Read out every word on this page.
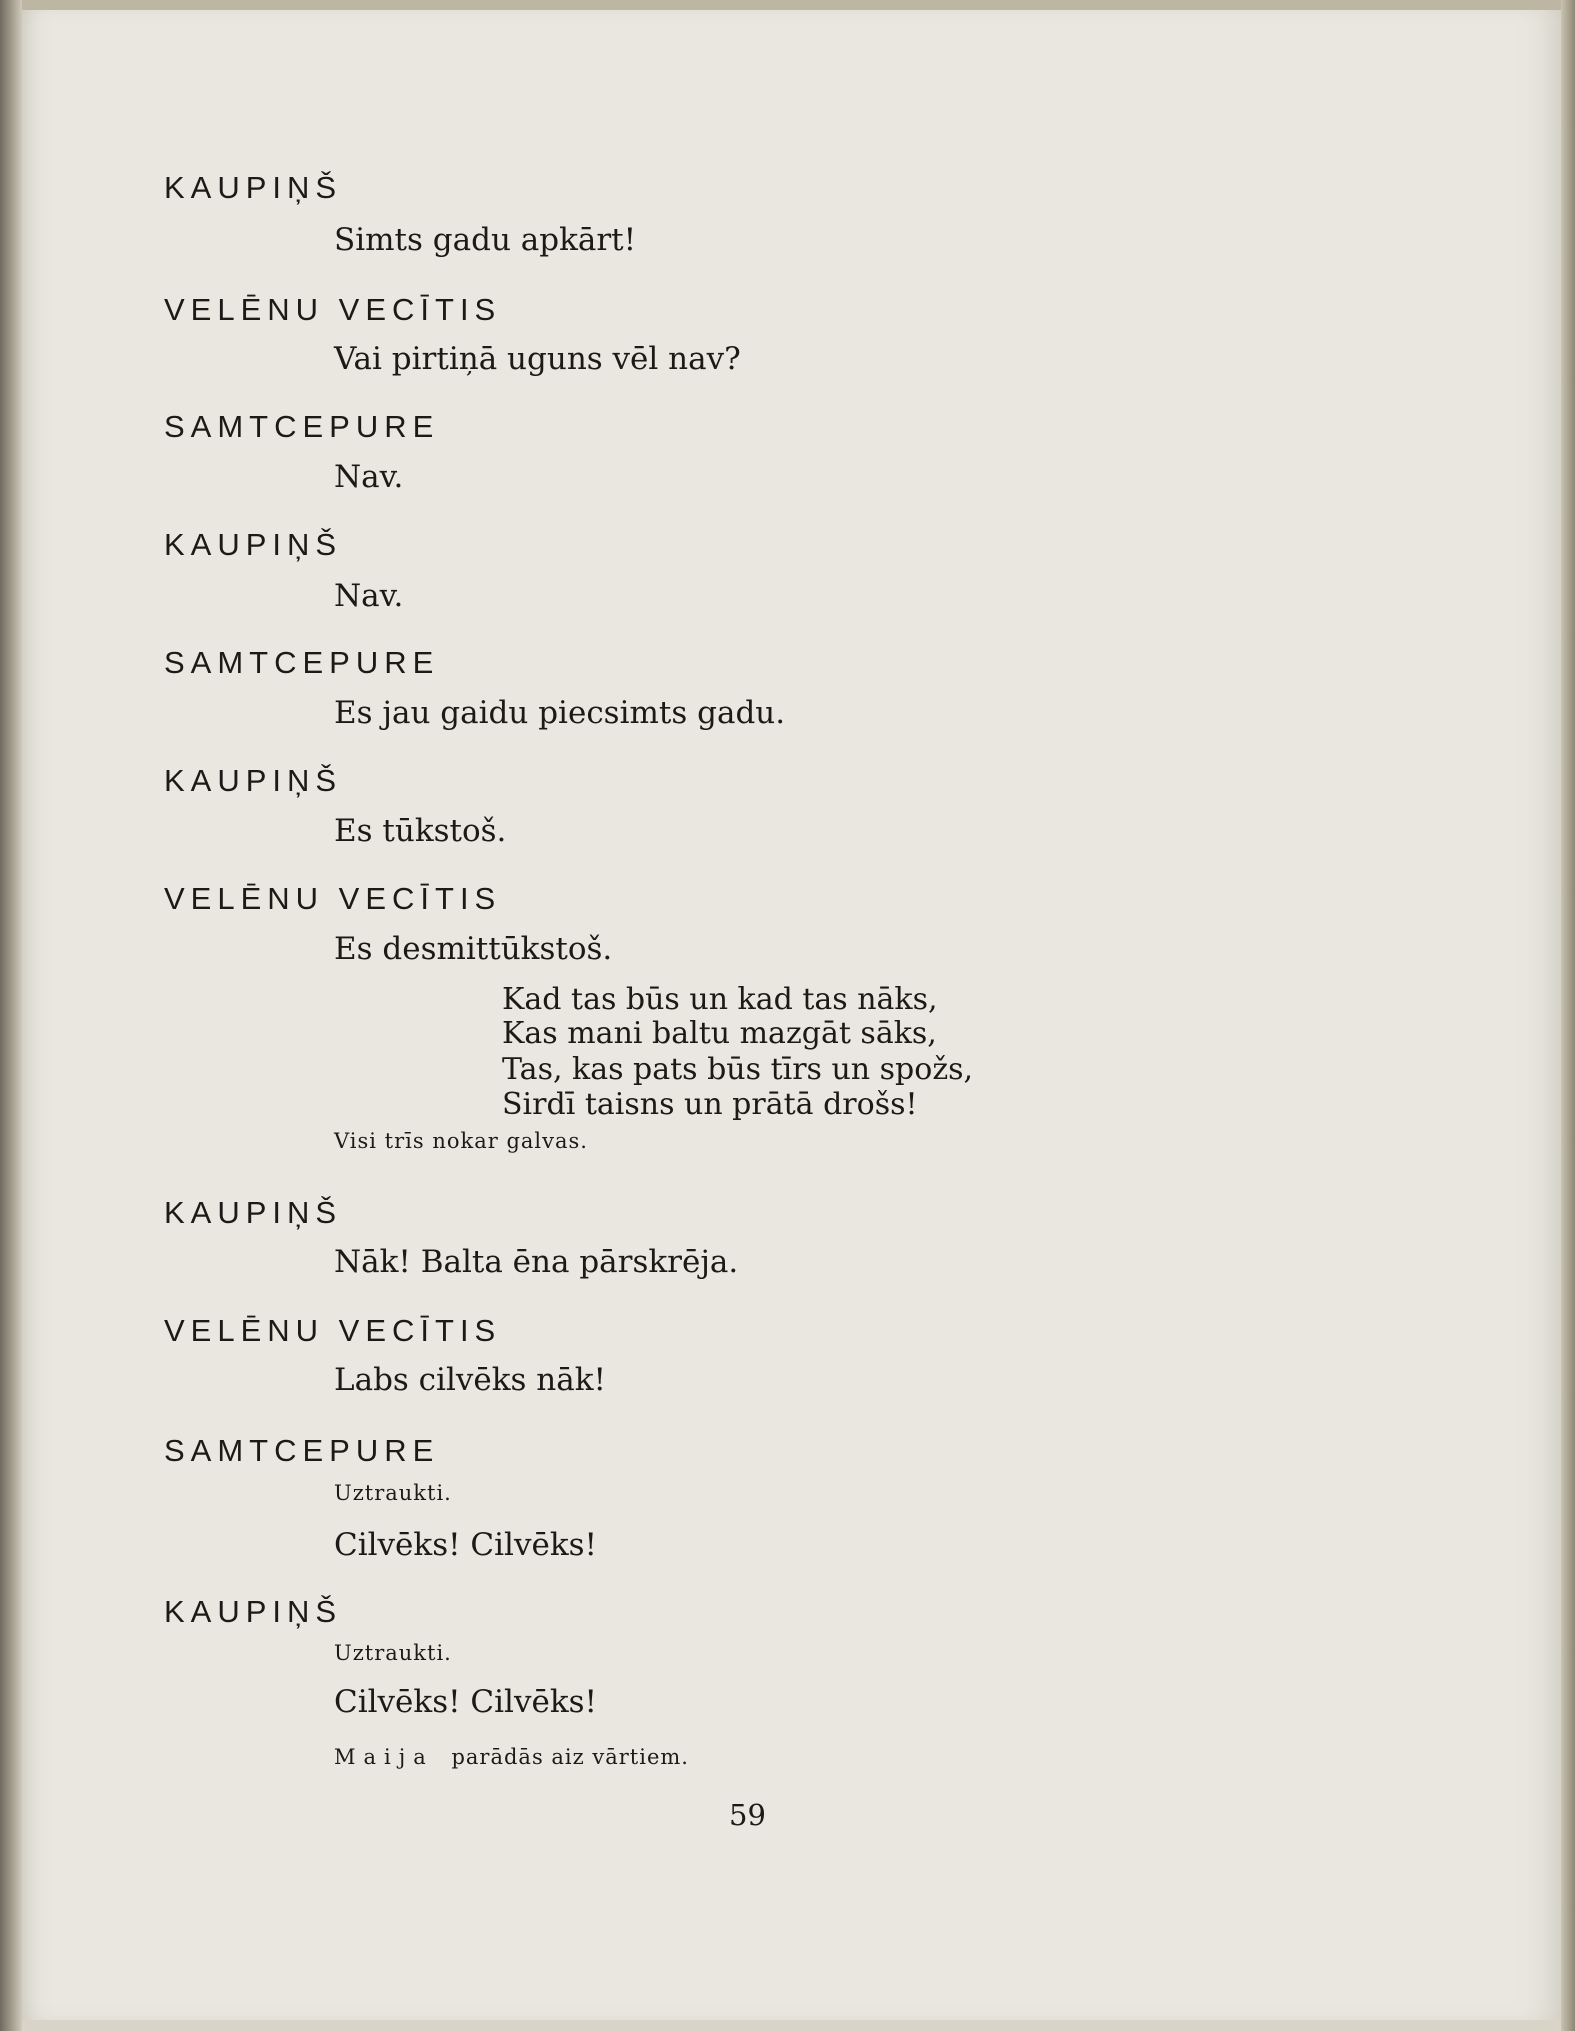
KAUPIŅŠ
Simts gadu apkārt!
VELĒNU VECĪTIS
Vai pirtiņā uguns vēl nav?
SAMTCEPURE
Nav.
KAUPIŅŠ
Nav.
SAMTCEPURE
Es jau gaidu piecsimts gadu.
KAUPIŅŠ
Es tūkstoš.
VELĒNU VECĪTIS
Es desmittūkstoš.
Kad tas būs un kad tas nāks,
Kas mani baltu mazgāt sāks,
Tas, kas pats būs tīrs un spožs,
Sirdī taisns un prātā drošs!
Visi trīs nokar galvas.
KAUPIŅŠ
Nāk! Balta ēna pārskrēja.
VELĒNU VECĪTIS
Labs cilvēks nāk!
SAMTCEPURE
Uztraukti.
Cilvēks! Cilvēks!
KAUPIŅŠ
Uztraukti.
Cilvēks! Cilvēks!
Maija parādās aiz vārtiem.
59
